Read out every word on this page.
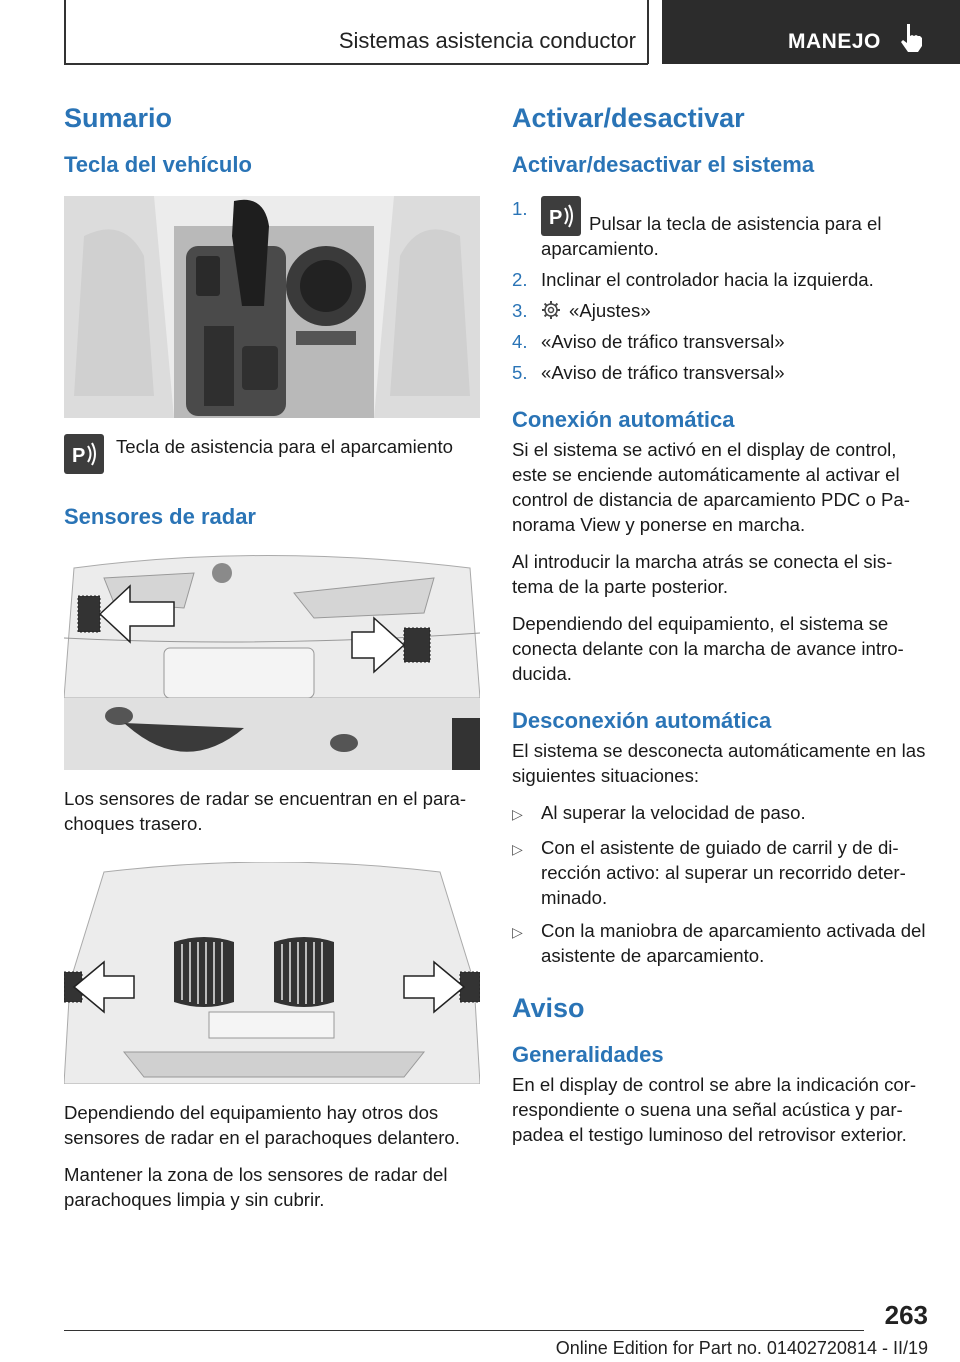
Sistemas asistencia conductor	MANEJO
Sumario
Tecla del vehículo
P Tecla de asistencia para el aparcamiento
Sensores de radar

Los sensores de radar se encuentran en el para-choques trasero.

Dependiendo del equipamiento hay otros dos sensores de radar en el parachoques delantero.

Mantener la zona de los sensores de radar del parachoques limpia y sin cubrir.

Activar/desactivar
Activar/desactivar el sistema
1.	P Pulsar la tecla de asistencia para el aparcamiento.
2. Inclinar el controlador hacia la izquierda.
3.	«Ajustes»
4. «Aviso de tráfico transversal»
5. «Aviso de tráfico transversal»
Conexión automática

Si el sistema se activó en el display de control, este se enciende automáticamente al activar el control de distancia de aparcamiento PDC o Pa-norama View y ponerse en marcha.

Al introducir la marcha atrás se conecta el sis-tema de la parte posterior.

Dependiendo del equipamiento, el sistema se conecta delante con la marcha de avance intro-ducida.

Desconexión automática

El sistema se desconecta automáticamente en las siguientes situaciones:

▷ Al superar la velocidad de paso.
▷ Con el asistente de guiado de carril y de di-rección activo: al superar un recorrido deter-minado.
▷ Con la maniobra de aparcamiento activada del asistente de aparcamiento.
Aviso
Generalidades

En el display de control se abre la indicación cor-respondiente o suena una señal acústica y par-padea el testigo luminoso del retrovisor exterior.

263
Online Edition for Part no. 01402720814 - II/19
